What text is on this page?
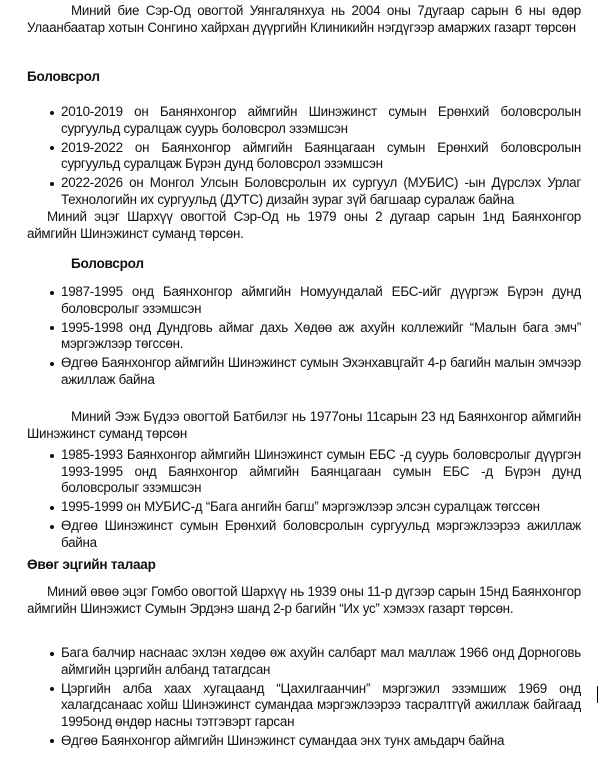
Миний бие Сэр-Од овогтой Уянгалянхуа нь 2004 оны 7дугаар сарын 6 ны өдөр Улаанбаатар хотын Сонгино хайрхан дүүргийн Клиникийн нэгдүгээр амаржих газарт төрсөн

Боловсрол
2010-2019 он Банянхонгор аймгийн Шинэжинст сумын Ерөнхий боловсролын сургуульд суралцаж суурь боловсрол эзэмшсэн
2019-2022 он Баянхонгор аймгийн Баянцагаан сумын Ерөнхий боловсролын сургуульд суралцаж Бүрэн дунд боловсрол эзэмшсэн
2022-2026 он Монгол Улсын Боловсролын их сургуул (МУБИС) -ын Дүрслэх Урлаг Технологийн их сургуульд (ДУТС) дизайн зураг зүй багшаар суралаж байна

Миний эцэг Шархүү овогтой Сэр-Од нь 1979 оны 2 дугаар сарын 1нд Баянхонгор аймгийн Шинэжинст суманд төрсөн.

Боловсрол
1987-1995 онд Баянхонгор аймгийн Номуундалай ЕБС-ийг дүүргэж Бүрэн дунд боловсролыг эзэмшсэн
1995-1998 онд Дундговь аймаг дахь Хөдөө аж ахуйн коллежийг “Малын бага эмч” мэргэжлээр төгссөн.
Өдгөө Баянхонгор аймгийн Шинэжинст сумын Эхэнхавцгайт 4-р багийн малын эмчээр ажиллаж байна

Миний Ээж Бүдээ овогтой Батбилэг нь 1977оны 11сарын 23 нд Баянхонгор аймгийн Шинэжинст суманд төрсөн

1985-1993 Баянхонгор аймгийн Шинэжинст сумын ЕБС -д суурь боловсролыг дүүргэн 1993-1995 онд Баянхонгор аймгийн Баянцагаан сумын ЕБС -д Бүрэн дунд боловсролыг эзэмшсэн
1995-1999 он МУБИС-д “Бага ангийн багш” мэргэжлээр элсэн суралцаж төгссөн
Өдгөө Шинэжинст сумын Ерөнхий боловсролын сургуульд мэргэжлээрээ ажиллаж байна
Өвөг эцгийн талаар

Миний өвөө эцэг Гомбо овогтой Шархүү нь 1939 оны 11-р дүгээр сарын 15нд Баянхонгор аймгийн Шинэжист Сумын Эрдэнэ шанд 2-р багийн “Их ус” хэмээх газарт төрсөн.

Бага балчир наснаас эхлэн хөдөө өж ахуйн салбарт мал маллаж 1966 онд Дорноговь аймгийн цэргийн албанд татагдсан
Цэргийн алба хаах хугацаанд “Цахилгаанчин” мэргэжил эзэмшиж 1969 онд халагдсанаас хойш Шинэжинст сумандаа мэргэжлээрээ тасралтгүй ажиллаж байгаад 1995онд өндөр насны тэтгэвэрт гарсан
Өдгөө Баянхонгор аймгийн Шинэжинст сумандаа энх тунх амьдарч байна
